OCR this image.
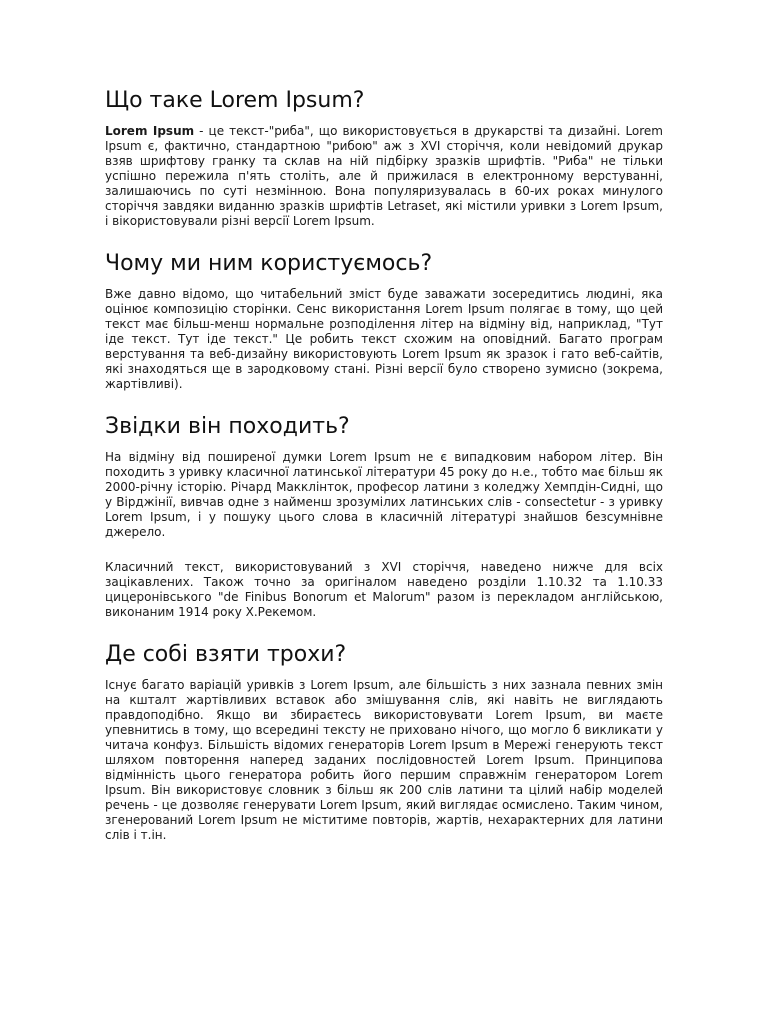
Що таке Lorem Ipsum?

Lorem Ipsum - це текст-"риба", що використовується в друкарстві та дизайні. Lorem Ipsum є, фактично, стандартною "рибою" аж з XVI сторіччя, коли невідомий друкар взяв шрифтову гранку та склав на ній підбірку зразків шрифтів. "Риба" не тільки успішно пережила п'ять століть, але й прижилася в електронному верстуванні, залишаючись по суті незмінною. Вона популяризувалась в 60-их роках минулого сторіччя завдяки виданню зразків шрифтів Letraset, які містили уривки з Lorem Ipsum, і вікористовували різні версії Lorem Ipsum.

Чому ми ним користуємось?

Вже давно відомо, що читабельний зміст буде заважати зосередитись людині, яка оцінює композицію сторінки. Сенс використання Lorem Ipsum полягає в тому, що цей текст має більш-менш нормальне розподілення літер на відміну від, наприклад, "Тут іде текст. Тут іде текст." Це робить текст схожим на оповідний. Багато програм верстування та веб-дизайну використовують Lorem Ipsum як зразок і гато веб-сайтів, які знаходяться ще в зародковому стані. Різні версії було створено зумисно (зокрема, жартівливі).

Звідки він походить?

На відміну від поширеної думки Lorem Ipsum не є випадковим набором літер. Він походить з уривку класичної латинської літератури 45 року до н.е., тобто має більш як 2000-річну історію. Річард Макклінток, професор латини з коледжу Хемпдін-Сидні, що у Вірджінії, вивчав одне з найменш зрозумілих латинських слів - consectetur - з уривку Lorem Ipsum, і у пошуку цього слова в класичній літературі знайшов безсумнівне джерело.

Класичний текст, використовуваний з XVI сторіччя, наведено нижче для всіх зацікавлених. Також точно за оригіналом наведено розділи 1.10.32 та 1.10.33 цицеронівського "de Finibus Bonorum et Malorum" разом із перекладом англійською, виконаним 1914 року Х.Рекемом.

Де собі взяти трохи?

Існує багато варіацій уривків з Lorem Ipsum, але більшість з них зазнала певних змін на кшталт жартівливих вставок або змішування слів, які навіть не виглядають правдоподібно. Якщо ви збираєтесь використовувати Lorem Ipsum, ви маєте упевнитись в тому, що всередині тексту не приховано нічого, що могло б викликати у читача конфуз. Більшість відомих генераторів Lorem Ipsum в Мережі генерують текст шляхом повторення наперед заданих послідовностей Lorem Ipsum. Принципова відмінність цього генератора робить його першим справжнім генератором Lorem Ipsum. Він використовує словник з більш як 200 слів латини та цілий набір моделей речень - це дозволяє генерувати Lorem Ipsum, який виглядає осмислено. Таким чином, згенерований Lorem Ipsum не міститиме повторів, жартів, нехарактерних для латини слів і т.ін.
